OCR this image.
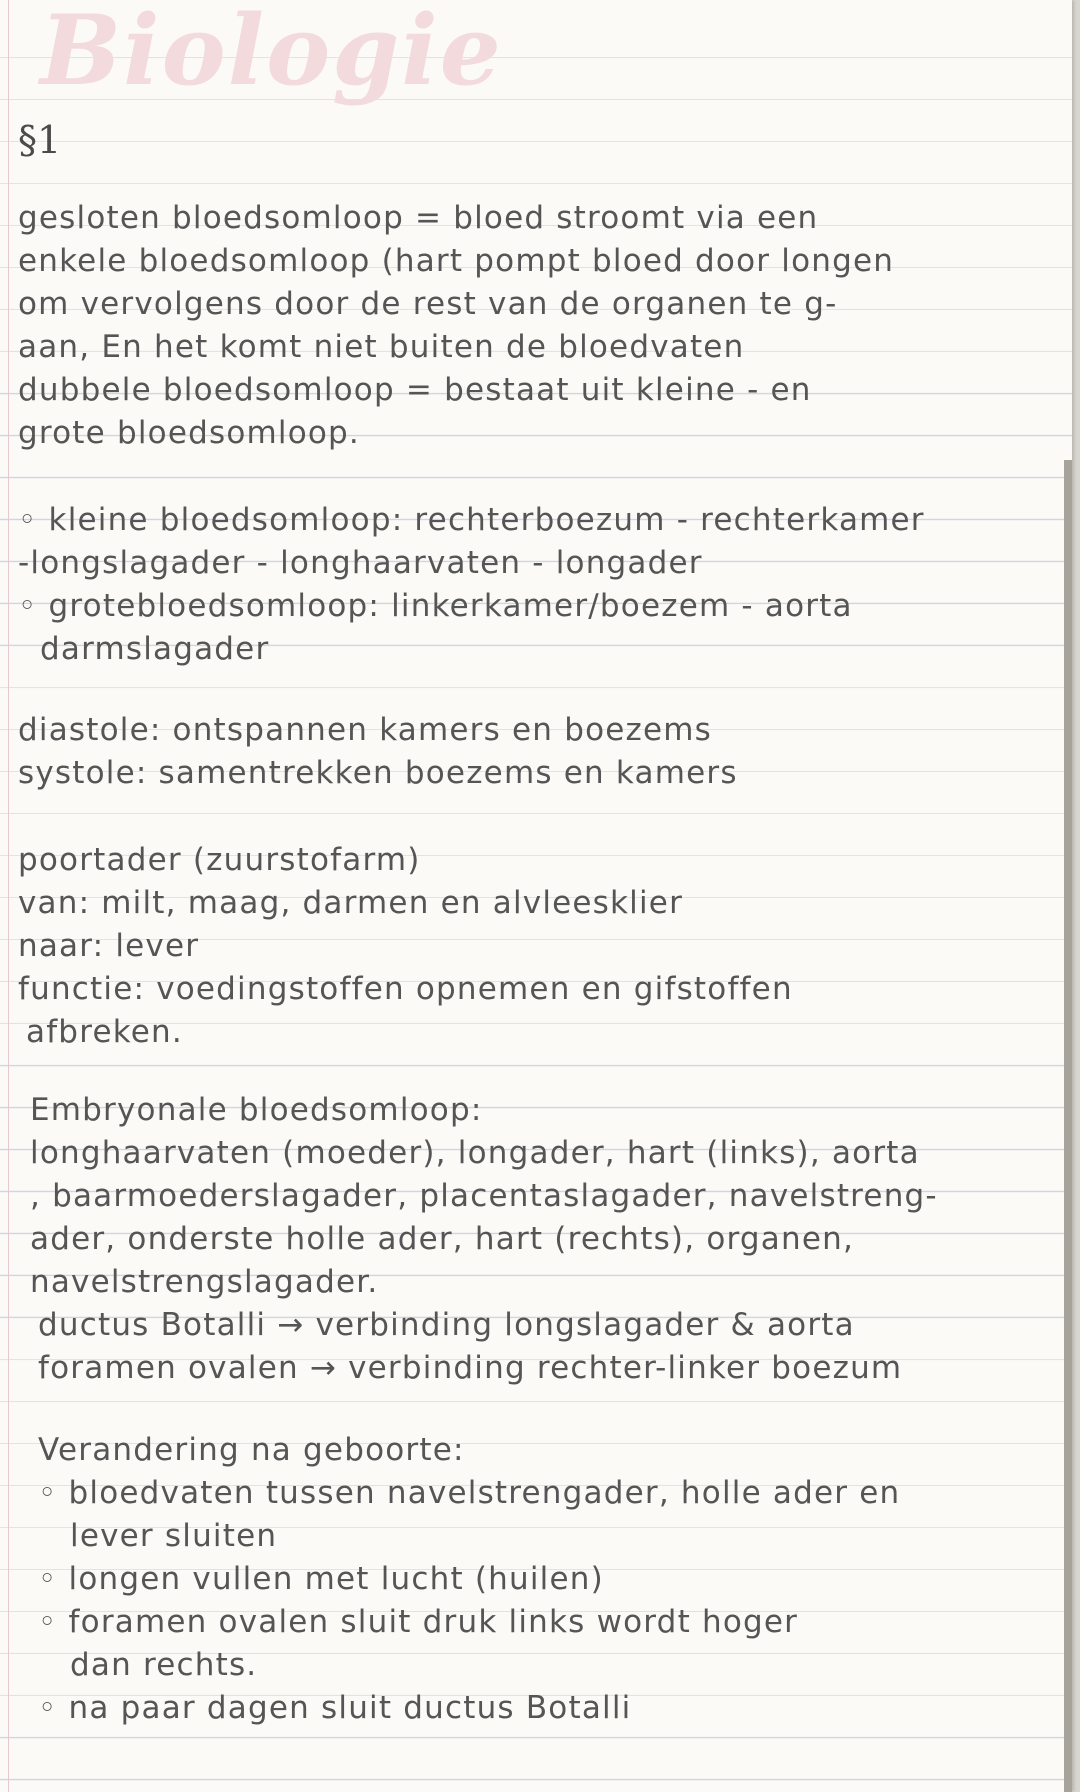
Biologie
§1
gesloten bloedsomloop = bloed stroomt via een
enkele bloedsomloop (hart pompt bloed door longen
om vervolgens door de rest van de organen te g-
aan, En het komt niet buiten de bloedvaten
dubbele bloedsomloop = bestaat uit kleine - en
grote bloedsomloop.
◦ kleine bloedsomloop: rechterboezum - rechterkamer
-longslagader - longhaarvaten - longader
◦ grotebloedsomloop: linkerkamer/boezem - aorta
darmslagader
diastole: ontspannen kamers en boezems
systole: samentrekken boezems en kamers
poortader (zuurstofarm)
van: milt, maag, darmen en alvleesklier
naar: lever
functie: voedingstoffen opnemen en gifstoffen
afbreken.
Embryonale bloedsomloop:
longhaarvaten (moeder), longader, hart (links), aorta
, baarmoederslagader, placentaslagader, navelstreng-
ader, onderste holle ader, hart (rechts), organen,
navelstrengslagader.
ductus Botalli → verbinding longslagader & aorta
foramen ovalen → verbinding rechter-linker boezum
Verandering na geboorte:
◦ bloedvaten tussen navelstrengader, holle ader en
lever sluiten
◦ longen vullen met lucht (huilen)
◦ foramen ovalen sluit druk links wordt hoger
dan rechts.
◦ na paar dagen sluit ductus Botalli
